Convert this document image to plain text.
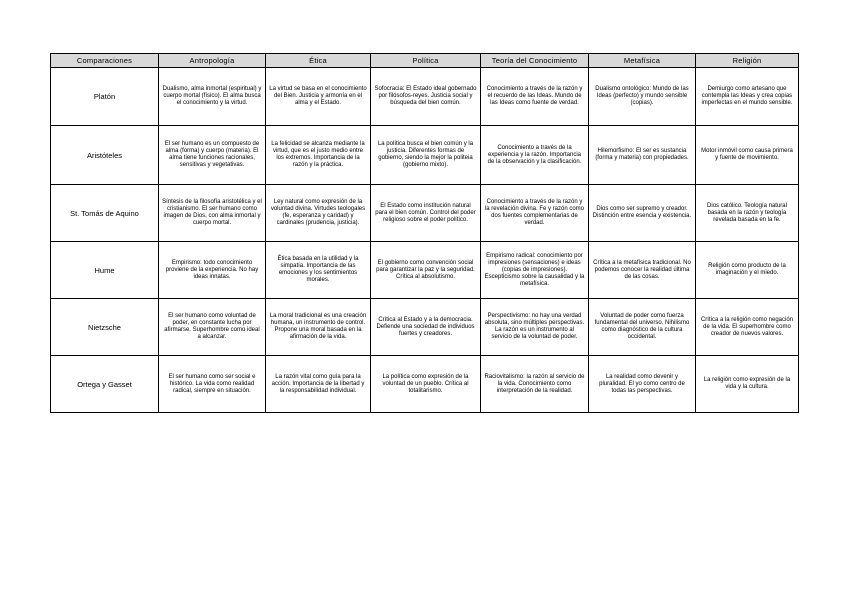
Comparaciones	Antropología	Ética	Política	Teoría del Conocimiento	Metafísica	Religión
Platón	Dualismo, alma inmortal (espiritual) y cuerpo mortal (físico). El alma busca el conocimiento y la virtud.	La virtud se basa en el conocimiento del Bien. Justicia y armonía en el alma y el Estado.	Sofocracia: El Estado ideal gobernado por filósofos-reyes. Justicia social y búsqueda del bien común.	Conocimiento a través de la razón y el recuerdo de las Ideas. Mundo de las Ideas como fuente de verdad.	Dualismo ontológico: Mundo de las Ideas (perfecto) y mundo sensible (copias).	Demiurgo como artesano que contempla las Ideas y crea copias imperfectas en el mundo sensible.
Aristóteles	El ser humano es un compuesto de alma (forma) y cuerpo (materia). El alma tiene funciones racionales, sensitivas y vegetativas.	La felicidad se alcanza mediante la virtud, que es el justo medio entre los extremos. Importancia de la razón y la práctica.	La política busca el bien común y la justicia. Diferentes formas de gobierno, siendo la mejor la politeia (gobierno mixto).	Conocimiento a través de la experiencia y la razón. Importancia de la observación y la clasificación.	Hilemorfismo: El ser es sustancia (forma y materia) con propiedades.	Motor inmóvil como causa primera y fuente de movimiento.
St. Tomás de Aquino	Síntesis de la filosofía aristotélica y el cristianismo. El ser humano como imagen de Dios, con alma inmortal y cuerpo mortal.	Ley natural como expresión de la voluntad divina. Virtudes teologales (fe, esperanza y caridad) y cardinales (prudencia, justicia).	El Estado como institución natural para el bien común. Control del poder religioso sobre el poder político.	Conocimiento a través de la razón y la revelación divina. Fe y razón como dos fuentes complementarias de verdad.	Dios como ser supremo y creador. Distinción entre esencia y existencia.	Dios católico. Teología natural basada en la razón y teología revelada basada en la fe.
Hume	Empirismo: todo conocimiento proviene de la experiencia. No hay ideas innatas.	Ética basada en la utilidad y la simpatía. Importancia de las emociones y los sentimientos morales.	El gobierno como convención social para garantizar la paz y la seguridad. Crítica al absolutismo.	Empirismo radical: conocimiento por impresiones (sensaciones) e ideas (copias de impresiones). Escepticismo sobre la causalidad y la metafísica.	Crítica a la metafísica tradicional. No podemos conocer la realidad última de las cosas.	Religión como producto de la imaginación y el miedo.
Nietzsche	El ser humano como voluntad de poder, en constante lucha por afirmarse. Superhombre como ideal a alcanzar.	La moral tradicional es una creación humana, un instrumento de control. Propone una moral basada en la afirmación de la vida.	Crítica al Estado y a la democracia. Defiende una sociedad de individuos fuertes y creadores.	Perspectivismo: no hay una verdad absoluta, sino múltiples perspectivas. La razón es un instrumento al servicio de la voluntad de poder.	Voluntad de poder como fuerza fundamental del universo. Nihilismo como diagnóstico de la cultura occidental.	Crítica a la religión como negación de la vida. El superhombre como creador de nuevos valores.
Ortega y Gasset	El ser humano como ser social e histórico. La vida como realidad radical, siempre en situación.	La razón vital como guía para la acción. Importancia de la libertad y la responsabilidad individual.	La política como expresión de la voluntad de un pueblo. Crítica al totalitarismo.	Raciovitalismo: la razón al servicio de la vida. Conocimiento como interpretación de la realidad.	La realidad como devenir y pluralidad. El yo como centro de todas las perspectivas.	La religión como expresión de la vida y la cultura.
